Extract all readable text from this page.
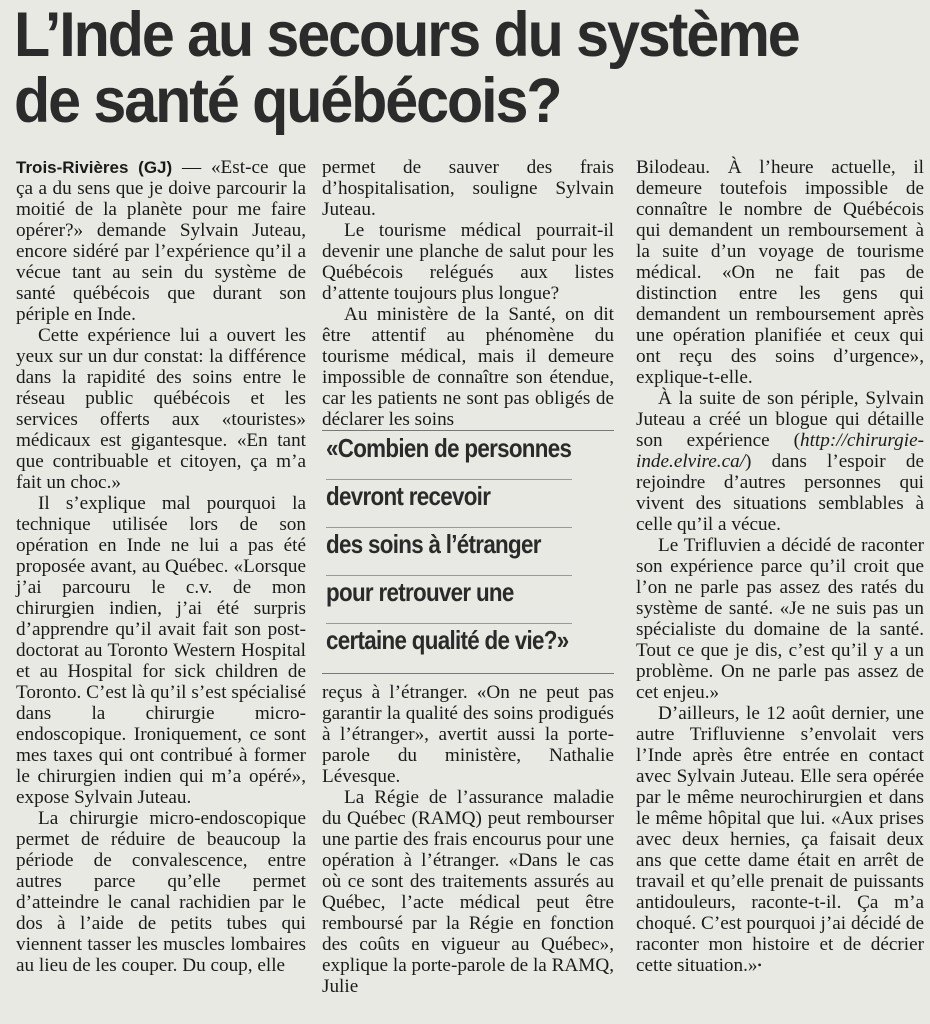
L’Inde au secours du système
de santé québécois?

Trois-Rivières (GJ) — «Est-ce que ça a du sens que je doive parcourir la moitié de la planète pour me faire opérer?» demande Sylvain Juteau, encore sidéré par l’expérience qu’il a vécue tant au sein du système de santé québécois que durant son périple en Inde.

Cette expérience lui a ouvert les yeux sur un dur constat: la différence dans la rapidité des soins entre le réseau public québécois et les services offerts aux «touristes» médicaux est gigantesque. «En tant que contribuable et citoyen, ça m’a fait un choc.»

Il s’explique mal pourquoi la technique utilisée lors de son opération en Inde ne lui a pas été proposée avant, au Québec. «Lorsque j’ai parcouru le c.v. de mon chirurgien indien, j’ai été surpris d’apprendre qu’il avait fait son post-doctorat au Toronto Western Hospital et au Hospital for sick children de Toronto. C’est là qu’il s’est spécialisé dans la chirurgie micro-endoscopique. Ironiquement, ce sont mes taxes qui ont contribué à former le chirurgien indien qui m’a opéré», expose Sylvain Juteau.

La chirurgie micro-endoscopique permet de réduire de beaucoup la période de convalescence, entre autres parce qu’elle permet d’atteindre le canal rachidien par le dos à l’aide de petits tubes qui viennent tasser les muscles lombaires au lieu de les couper. Du coup, elle

permet de sauver des frais d’hospitalisation, souligne Sylvain Juteau.

Le tourisme médical pourrait-il devenir une planche de salut pour les Québécois relégués aux listes d’attente toujours plus longue?

Au ministère de la Santé, on dit être attentif au phénomène du tourisme médical, mais il demeure impossible de connaître son étendue, car les patients ne sont pas obligés de déclarer les soins

«Combien de personnes
devront recevoir
des soins à l’étranger
pour retrouver une
certaine qualité de vie?»

reçus à l’étranger. «On ne peut pas garantir la qualité des soins prodigués à l’étranger», avertit aussi la porte-parole du ministère, Nathalie Lévesque.

La Régie de l’assurance maladie du Québec (RAMQ) peut rembourser une partie des frais encourus pour une opération à l’étranger. «Dans le cas où ce sont des traitements assurés au Québec, l’acte médical peut être remboursé par la Régie en fonction des coûts en vigueur au Québec», explique la porte-parole de la RAMQ, Julie

Bilodeau. À l’heure actuelle, il demeure toutefois impossible de connaître le nombre de Québécois qui demandent un remboursement à la suite d’un voyage de tourisme médical. «On ne fait pas de distinction entre les gens qui demandent un remboursement après une opération planifiée et ceux qui ont reçu des soins d’urgence», explique-t-elle.

À la suite de son périple, Sylvain Juteau a créé un blogue qui détaille son expérience (http://chirurgie-inde.elvire.ca/) dans l’espoir de rejoindre d’autres personnes qui vivent des situations semblables à celle qu’il a vécue.

Le Trifluvien a décidé de raconter son expérience parce qu’il croit que l’on ne parle pas assez des ratés du système de santé. «Je ne suis pas un spécialiste du domaine de la santé. Tout ce que je dis, c’est qu’il y a un problème. On ne parle pas assez de cet enjeu.»

D’ailleurs, le 12 août dernier, une autre Trifluvienne s’envolait vers l’Inde après être entrée en contact avec Sylvain Juteau. Elle sera opérée par le même neurochirurgien et dans le même hôpital que lui. «Aux prises avec deux hernies, ça faisait deux ans que cette dame était en arrêt de travail et qu’elle prenait de puissants antidouleurs, raconte-t-il. Ça m’a choqué. C’est pourquoi j’ai décidé de raconter mon histoire et de décrier cette situation.»•
